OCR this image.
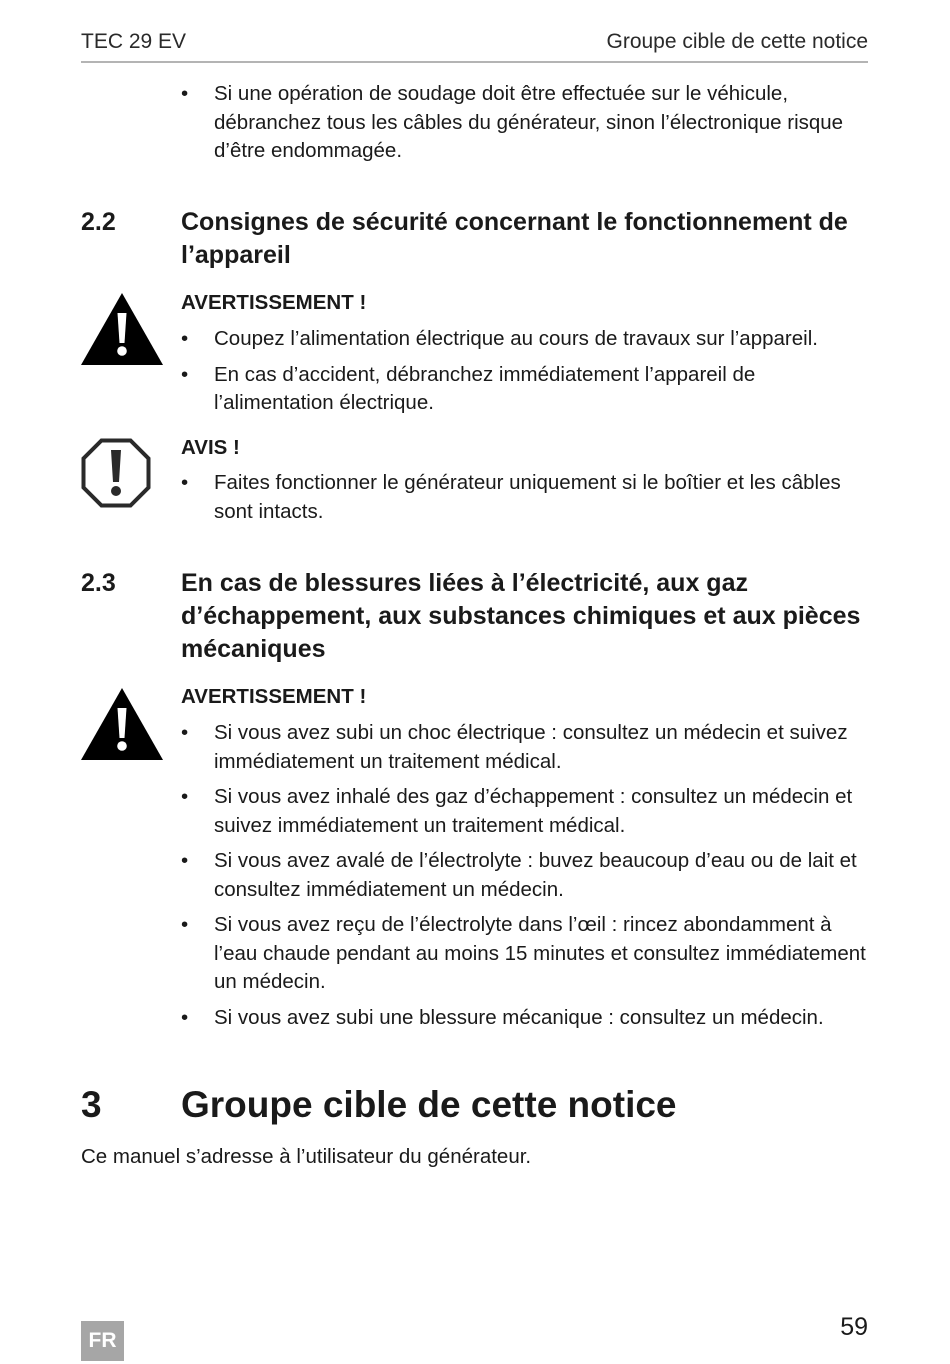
TEC 29 EV	Groupe cible de cette notice
• Si une opération de soudage doit être effectuée sur le véhicule, débranchez tous les câbles du générateur, sinon l’électronique risque d’être endommagée.
2.2	Consignes de sécurité concernant le fonctionnement de l’appareil
AVERTISSEMENT !
• Coupez l’alimentation électrique au cours de travaux sur l’appareil.
• En cas d’accident, débranchez immédiatement l’appareil de l’alimentation électrique.
AVIS !
• Faites fonctionner le générateur uniquement si le boîtier et les câbles sont intacts.
2.3	En cas de blessures liées à l’électricité, aux gaz d’échappement, aux substances chimiques et aux pièces mécaniques
AVERTISSEMENT !
• Si vous avez subi un choc électrique : consultez un médecin et suivez immédiatement un traitement médical.
• Si vous avez inhalé des gaz d’échappement : consultez un médecin et suivez immédiatement un traitement médical.
• Si vous avez avalé de l’électrolyte : buvez beaucoup d’eau ou de lait et consultez immédiatement un médecin.
• Si vous avez reçu de l’électrolyte dans l’œil : rincez abondamment à l’eau chaude pendant au moins 15 minutes et consultez immédiatement un médecin.
• Si vous avez subi une blessure mécanique : consultez un médecin.
3 Groupe cible de cette notice

Ce manuel s’adresse à l’utilisateur du générateur.

FR	59
